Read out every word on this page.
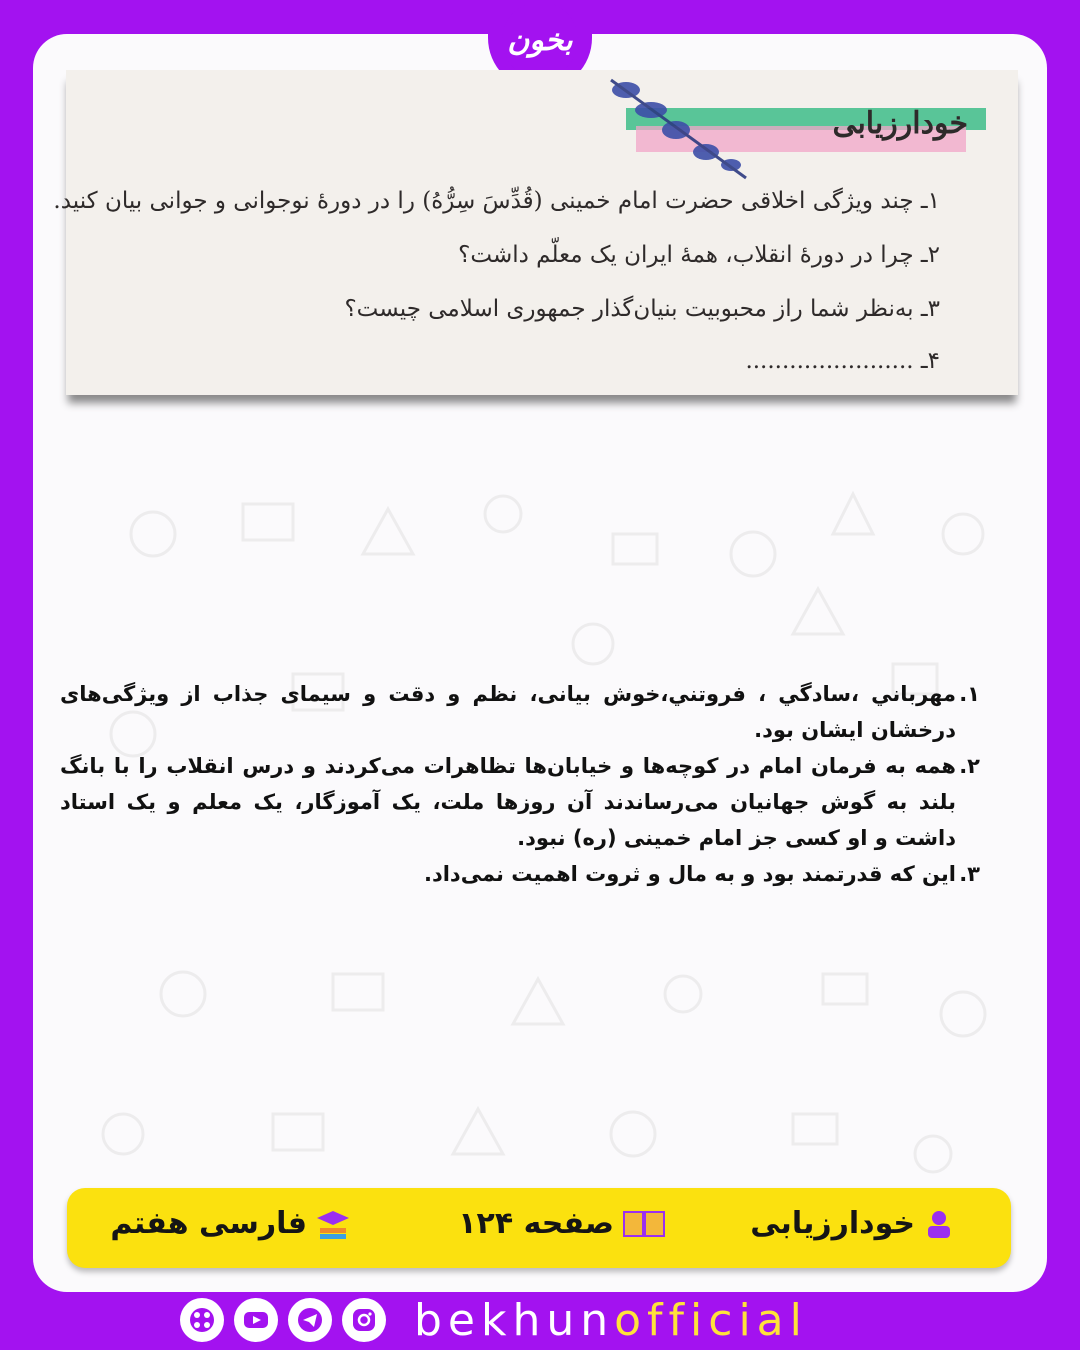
بخون
خودارزیابی
۱ـ چند ویژگی اخلاقی حضرت امام خمینی (قُدِّسَ سِرُّهُ) را در دورهٔ نوجوانی و جوانی بیان کنید.
۲ـ چرا در دورهٔ انقلاب، همهٔ ایران یک معلّم داشت؟
۳ـ به‌نظر شما راز محبوبیت بنیان‌گذار جمهوری اسلامی چیست؟
۴ـ .......................
۱.
مهرباني ،سادگي ، فروتني،خوش بیانی، نظم و دقت و سیمای جذاب از ویژگی‌های درخشان ایشان بود.
۲.
همه به فرمان امام در کوچه‌ها و خیابان‌ها تظاهرات می‌کردند و درس انقلاب را با بانگ بلند به گوش جهانیان می‌رساندند آن روزها ملت، یک آموزگار، یک معلم و یک استاد داشت و او کسی جز امام خمینی (ره) نبود.
۳.
این که قدرتمند بود و به مال و ثروت اهمیت نمی‌داد.
خودارزیابی
صفحه ۱۲۴
فارسی هفتم
bekhunofficial
